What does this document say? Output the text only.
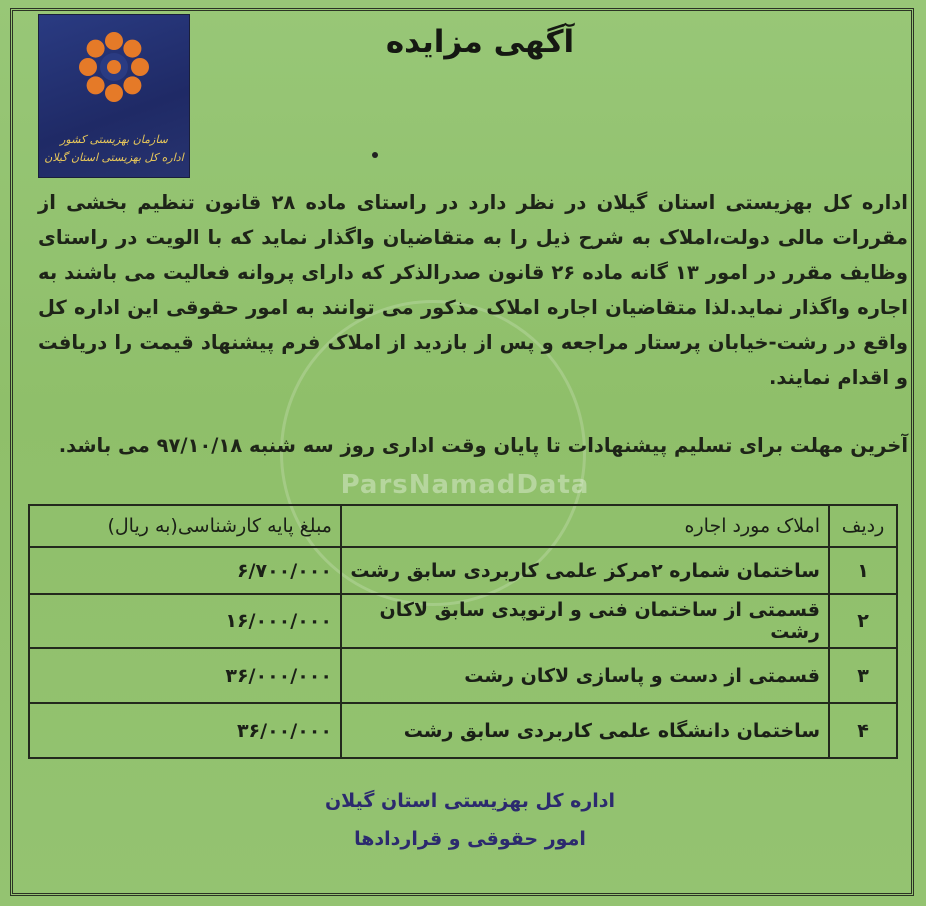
سازمان بهزیستی کشور
اداره کل بهزیستی استان گیلان
آگهی مزایده
اداره کل بهزیستی استان گیلان در نظر دارد در راستای ماده ۲۸ قانون تنظیم بخشی از مقررات مالی دولت،املاک به شرح ذیل را به متقاضیان واگذار نماید که با الویت در راستای وظایف مقرر در امور ۱۳ گانه ماده ۲۶ قانون صدرالذکر که دارای پروانه فعالیت می باشند به اجاره واگذار نماید.لذا متقاضیان اجاره املاک مذکور می توانند به امور حقوقی این اداره کل واقع در رشت-خیابان پرستار مراجعه و پس از بازدید از املاک فرم پیشنهاد قیمت را دریافت و اقدام نمایند.
آخرین مهلت برای تسلیم پیشنهادات تا پایان وقت اداری روز سه شنبه ۹۷/۱۰/۱۸ می باشد.
ParsNamadData
ردیف	املاک مورد اجاره	مبلغ پایه کارشناسی(به ریال)
۱	ساختمان شماره ۲مرکز علمی کاربردی سابق رشت	۶/۷۰۰/۰۰۰
۲	قسمتی از ساختمان فنی و ارتوپدی سابق لاکان رشت	۱۶/۰۰۰/۰۰۰
۳	قسمتی از دست و پاسازی لاکان رشت	۳۶/۰۰۰/۰۰۰
۴	ساختمان دانشگاه علمی کاربردی سابق رشت	۳۶/۰۰/۰۰۰
اداره کل بهزیستی استان گیلان
امور حقوقی و قراردادها
